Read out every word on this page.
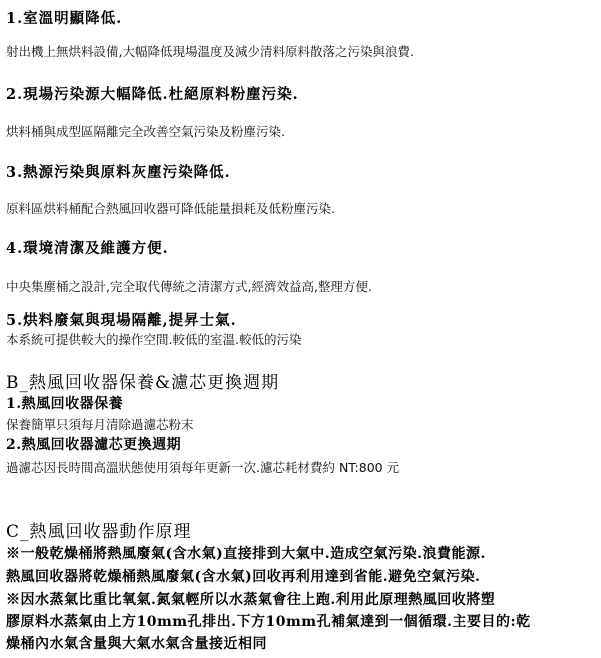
1.室溫明顯降低.
射出機上無烘料設備,大幅降低現場溫度及減少清料原料散落之污染與浪費.
2.現場污染源大幅降低.杜絕原料粉塵污染.
烘料桶與成型區隔離完全改善空氣污染及粉塵污染.
3.熱源污染與原料灰塵污染降低.
原料區烘料桶配合熱風回收器可降低能量損耗及低粉塵污染.
4.環境清潔及維護方便.
中央集塵桶之設計,完全取代傳統之清潔方式,經濟效益高,整理方便.
5.烘料廢氣與現場隔離,提昇士氣.
本系統可提供較大的操作空間.較低的室溫.較低的污染
B_熱風回收器保養&濾芯更換週期
1.熱風回收器保養
保養簡單只須每月清除過濾芯粉末
2.熱風回收器濾芯更換週期
過濾芯因長時間高溫狀態使用須每年更新一次.濾芯耗材費約 NT:800 元
C_熱風回收器動作原理
※一般乾燥桶將熱風廢氣(含水氣)直接排到大氣中.造成空氣污染.浪費能源.
熱風回收器將乾燥桶熱風廢氣(含水氣)回收再利用達到省能.避免空氣污染.
※因水蒸氣比重比氧氣.氮氣輕所以水蒸氣會往上跑.利用此原理熱風回收將塑
膠原料水蒸氣由上方10mm孔排出.下方10mm孔補氣達到一個循環.主要目的:乾
燥桶內水氣含量與大氣水氣含量接近相同
